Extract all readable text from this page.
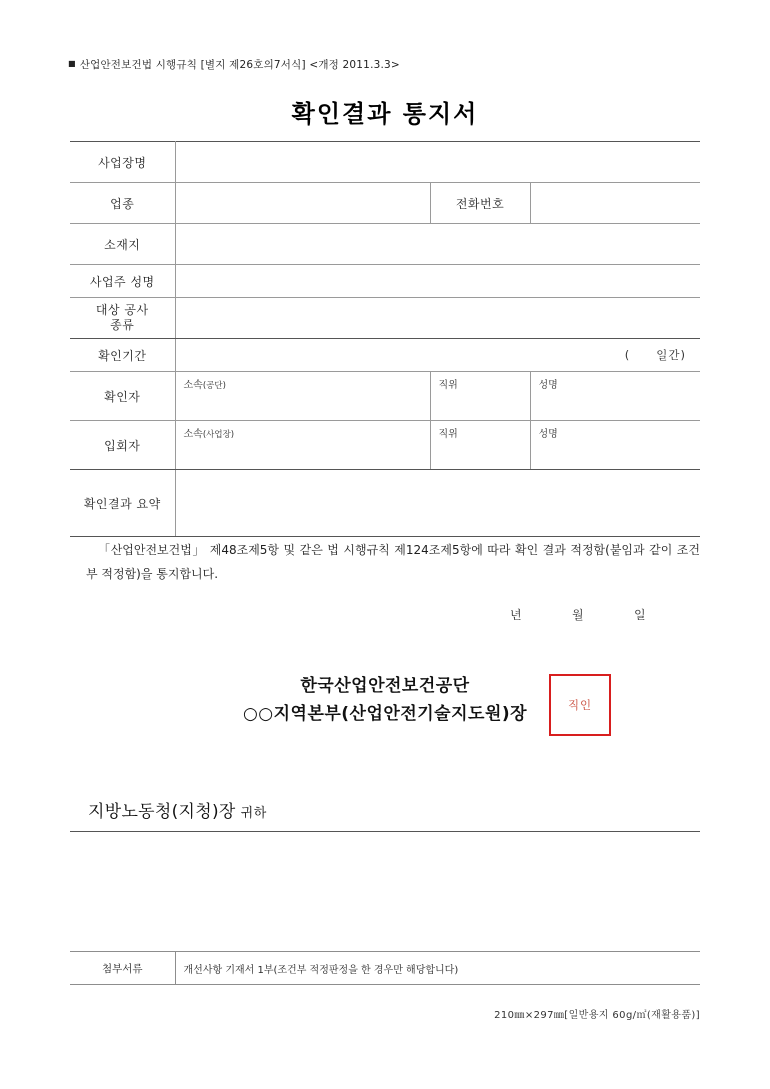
■ 산업안전보건법 시행규칙 [별지 제26호의7서식] <개정 2011.3.3>
확인결과 통지서
사업장명			
업종		전화번호	
소재지			
사업주 성명			

대상 공사
종류			

확인기간	( 일간)		

확인자	소속(공단)	직위	성명
입회자	소속(사업장)	직위	성명
확인결과 요약			
「산업안전보건법」 제48조제5항 및 같은 법 시행규칙 제124조제5항에 따라 확인 결과 적정함(붙임과 같이 조건부 적정함)을 통지합니다.
년	월	일
한국산업안전보건공단
○○지역본부(산업안전기술지도원)장	직인
지방노동청(지청)장 귀하
첨부서류	개선사항 기재서 1부(조건부 적정판정을 한 경우만 해당합니다)
210㎜×297㎜[일반용지 60g/㎡(재활용품)]
